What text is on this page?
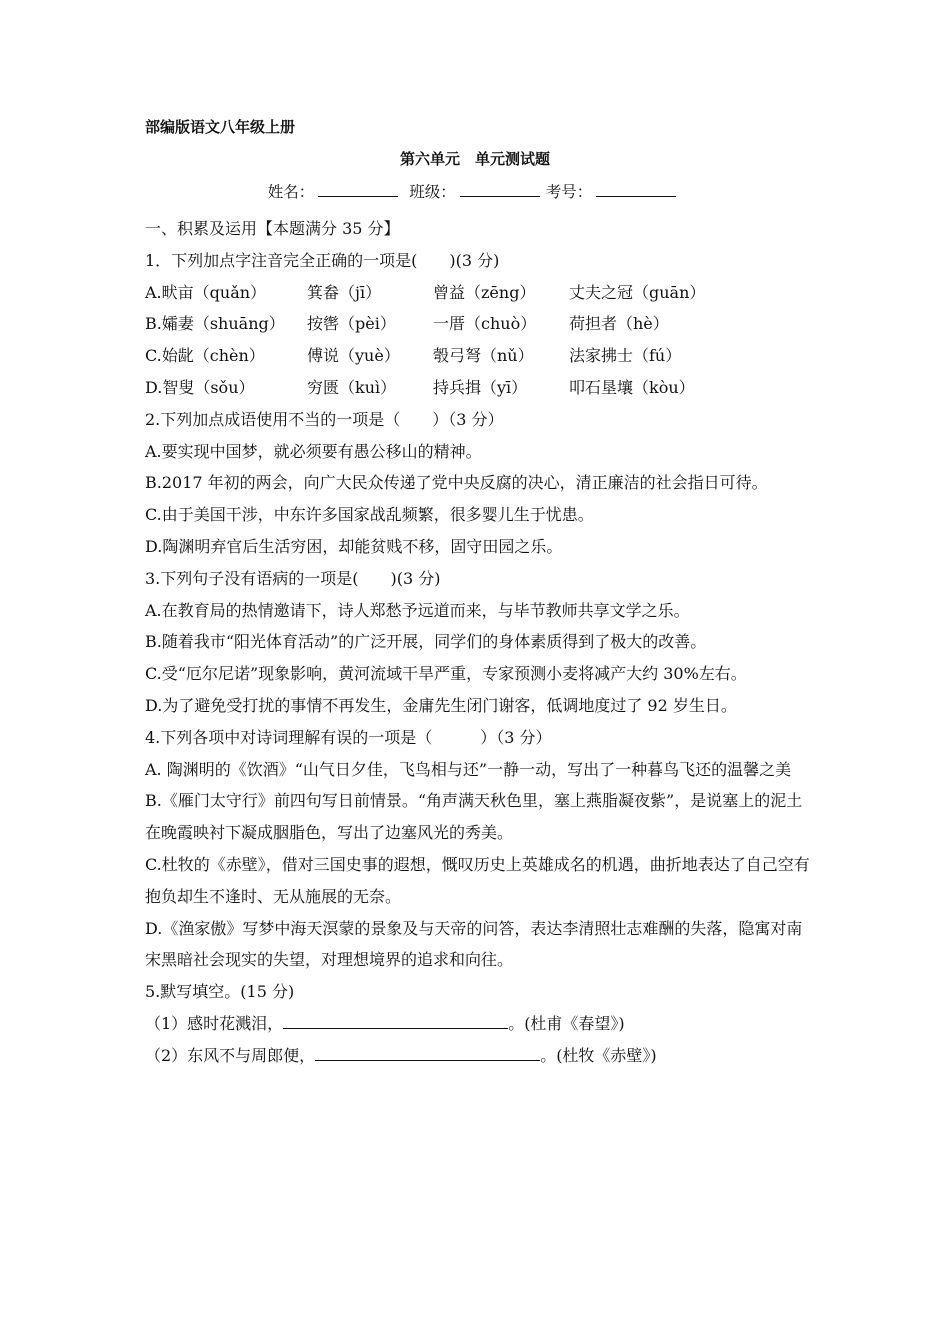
部编版语文八年级上册
第六单元　单元测试题
姓名：	班级：	考号：
一、积累及运用【本题满分 35 分】
1．下列加点字注音完全正确的一项是(　　)(3 分)
A.畎亩（quǎn）	箕畚（jī）	曾益（zēng） 丈夫之冠（guān）
B.孀妻（shuāng） 按辔（pèi） 一厝（chuò） 荷担者（hè）
C.始龀（chèn）	傅说（yuè） 彀弓弩（nǔ） 法家拂士（fú）
D.智叟（sǒu）	穷匮（kuì） 持兵揖（yī）	叩石垦壤（kòu）
2.下列加点成语使用不当的一项是（　　）（3 分）
A.要实现中国梦，就必须要有愚公移山的精神。
B.2017 年初的两会，向广大民众传递了党中央反腐的决心，清正廉洁的社会指日可待。
C.由于美国干涉，中东许多国家战乱频繁，很多婴儿生于忧患。
D.陶渊明弃官后生活穷困，却能贫贱不移，固守田园之乐。
3.下列句子没有语病的一项是(　　)(3 分)
A.在教育局的热情邀请下，诗人郑愁予远道而来，与毕节教师共享文学之乐。
B.随着我市“阳光体育活动”的广泛开展，同学们的身体素质得到了极大的改善。
C.受“厄尔尼诺”现象影响，黄河流域干旱严重，专家预测小麦将减产大约 30%左右。
D.为了避免受打扰的事情不再发生，金庸先生闭门谢客，低调地度过了 92 岁生日。
4.下列各项中对诗词理解有误的一项是（　　　）（3 分）
A. 陶渊明的《饮酒》“山气日夕佳，飞鸟相与还”一静一动，写出了一种暮鸟飞还的温馨之美
B.《雁门太守行》前四句写日前情景。“角声满天秋色里，塞上燕脂凝夜紫”，是说塞上的泥土在晚霞映衬下凝成胭脂色，写出了边塞风光的秀美。
C.杜牧的《赤壁》，借对三国史事的遐想，慨叹历史上英雄成名的机遇，曲折地表达了自己空有抱负却生不逢时、无从施展的无奈。
D.《渔家傲》写梦中海天溟蒙的景象及与天帝的问答，表达李清照壮志难酬的失落，隐寓对南宋黑暗社会现实的失望，对理想境界的追求和向往。
5.默写填空。(15 分)
（1）感时花溅泪，	。(杜甫《春望》)
（2）东风不与周郎便，	。(杜牧《赤壁》)
